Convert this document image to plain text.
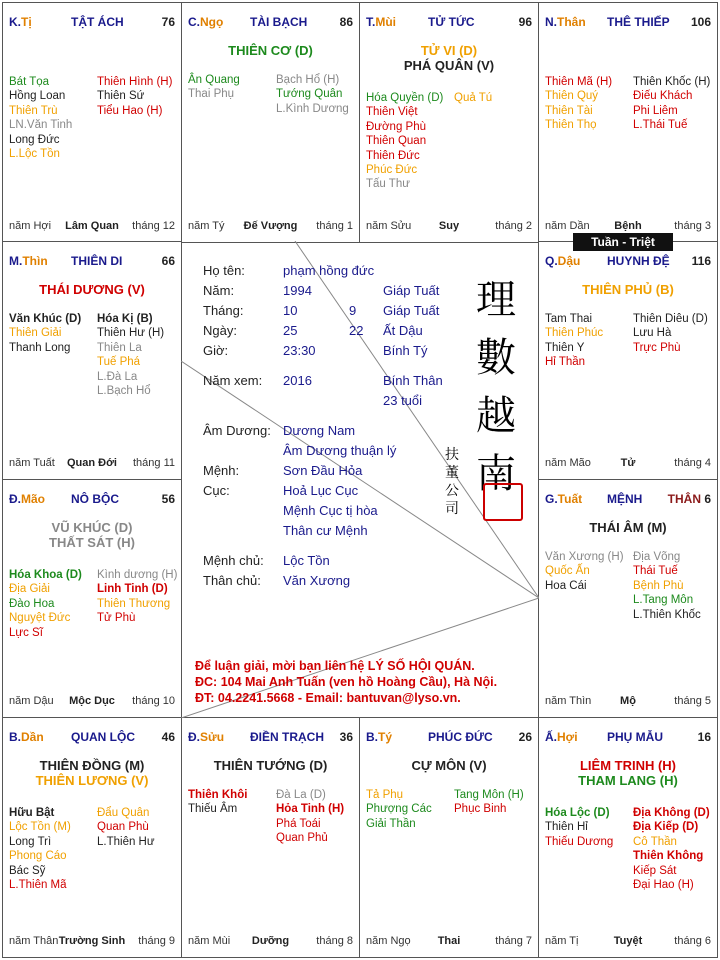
K.Tị	TẬT ÁCH	76
Bát Tọa
Hồng Loan
Thiên Trù
LN.Văn Tinh
Long Đức
L.Lộc Tồn
Thiên Hình (H)
Thiên Sứ
Tiểu Hao (H)
năm Hợi	Lâm Quan	tháng 12
C.Ngọ TÀI BẠCH	86
THIÊN CƠ (D)
Ân Quang
Thai Phụ
Bạch Hổ (H)
Tướng Quân
L.Kình Dương
năm Tý	Đế Vượng	tháng 1
T.Mùi	TỬ TỨC	96
TỬ VI (D)
PHÁ QUÂN (V)
Hóa Quyền (D)
Thiên Việt
Đường Phù
Thiên Quan
Thiên Đức
Phúc Đức
Tấu Thư
Quả Tú
năm Sửu	Suy	tháng 2
N.Thân THÊ THIẾP 106
Thiên Mã (H)
Thiên Quý
Thiên Tài
Thiên Thọ
Thiên Khốc (H)
Điếu Khách
Phi Liêm
L.Thái Tuế
năm Dần	Bệnh	tháng 3
M.Thìn THIÊN DI	66
THÁI DƯƠNG (V)
Văn Khúc (D)
Thiên Giải
Thanh Long
Hóa Kị (B)
Thiên Hư (H)
Thiên La
Tuế Phá
L.Đà La
L.Bạch Hổ
năm Tuất	Quan Đới	tháng 11
Q.Dậu HUYNH ĐỆ 116
THIÊN PHỦ (B)
Tam Thai
Thiên Phúc
Thiên Y
Hỉ Thần
Thiên Diêu (D)
Lưu Hà
Trực Phù
năm Mão	Tử	tháng 4
Đ.Mão NÔ BỘC	56
VŨ KHÚC (D)
THẤT SÁT (H)
Hóa Khoa (D)
Địa Giải
Đào Hoa
Nguyệt Đức
Lực Sĩ
Kình dương (H)
Linh Tinh (D)
Thiên Thương
Tử Phù
năm Dậu	Mộc Dục	tháng 10
G.Tuất MỆNH	6
THÂN
THÁI ÂM (M)
Văn Xương (H)
Quốc Ấn
Hoa Cái
Địa Võng
Thái Tuế
Bệnh Phù
L.Tang Môn
L.Thiên Khốc
năm Thìn	Mộ	tháng 5
B.Dần QUAN LỘC 46
THIÊN ĐỒNG (M)
THIÊN LƯƠNG (V)
Hữu Bật
Lộc Tồn (M)
Long Trì
Phong Cáo
Bác Sỹ
L.Thiên Mã
Đẩu Quân
Quan Phù
L.Thiên Hư
năm Thân Trường Sinh	tháng 9
Đ.Sửu ĐIỀN TRẠCH 36
THIÊN TƯỚNG (D)
Thiên Khôi
Thiếu Âm
Đà La (D)
Hỏa Tinh (H)
Phá Toái
Quan Phủ
năm Mùi	Dưỡng	tháng 8
B.Tý	PHÚC ĐỨC 26
CỰ MÔN (V)
Tả Phụ
Phượng Các
Giải Thần
Tang Môn (H)
Phục Binh
năm Ngọ	Thai	tháng 7
Ấ.Hợi PHỤ MẪU	16
LIÊM TRINH (H)
THAM LANG (H)
Hóa Lộc (D)
Thiên Hỉ
Thiếu Dương
Địa Không (D)
Địa Kiếp (D)
Cô Thần
Thiên Không
Kiếp Sát
Đại Hao (H)
năm Tị	Tuyệt	tháng 6
Họ tên:	phạm hồng đức
Năm:	1994	Giáp Tuất
Tháng:	10	9 Giáp Tuất
Ngày:	25	22 Ất Dậu
Giờ:	23:30	Bính Tý
Năm xem: 2016	Bính Thân
23 tuổi
Âm Dương: Dương Nam
Âm Dương thuận lý
Mệnh:	Sơn Đầu Hỏa
Cục:	Hoả Lục Cục
Mệnh Cục tị hòa
Thân cư Mệnh
Mệnh chủ: Lộc Tồn
Thân chủ: Văn Xương
理數越南
扶董公司
Để luận giải, mời bạn liên hệ LÝ SỐ HỘI QUÁN.
ĐC: 104 Mai Anh Tuấn (ven hồ Hoàng Cầu), Hà Nội.
ĐT: 04.2241.5668 - Email: bantuvan@lyso.vn.
Tuần - Triệt
